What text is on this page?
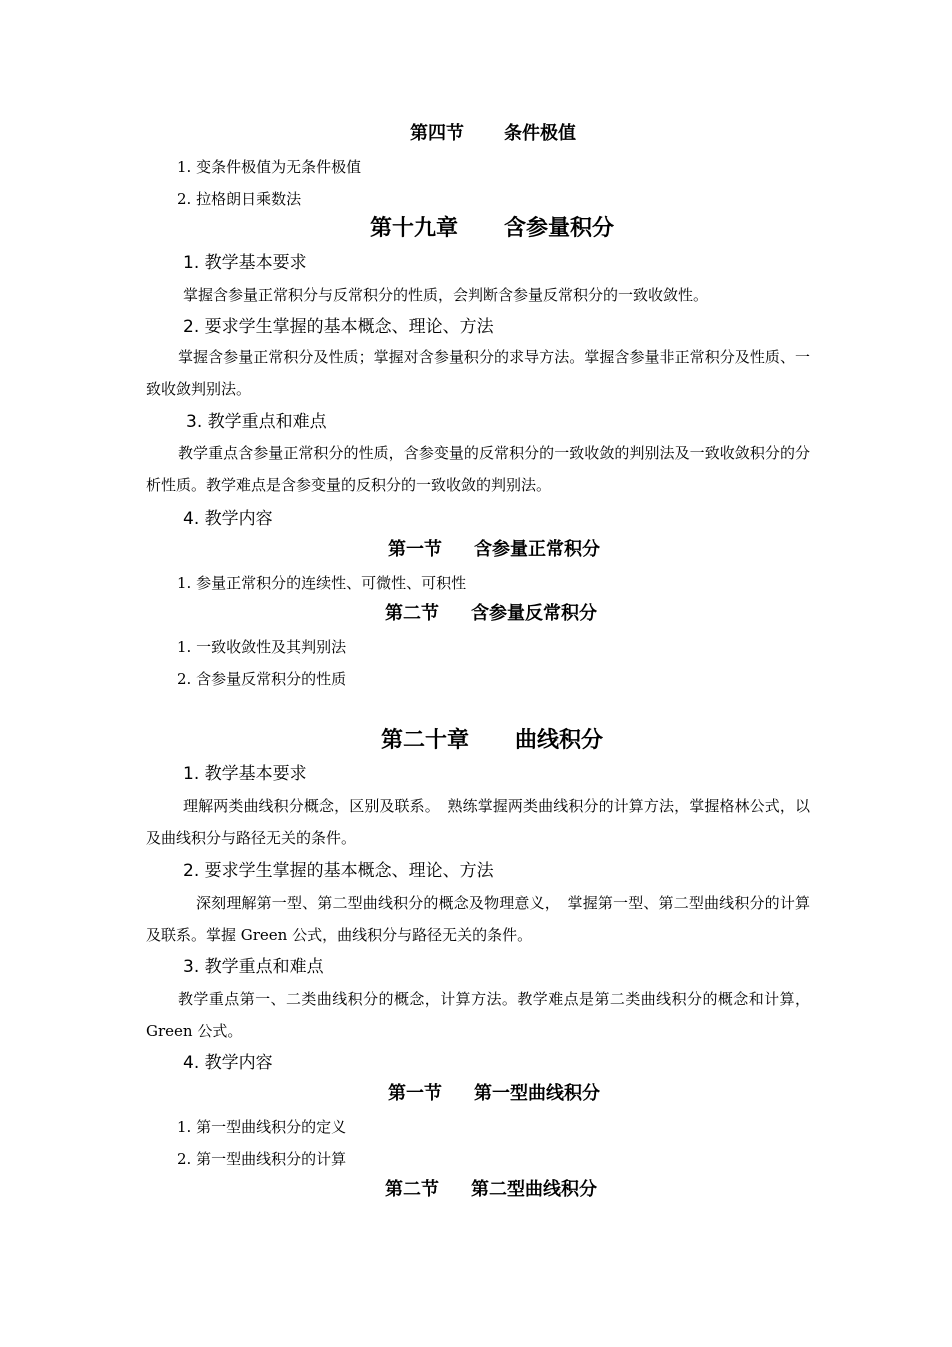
第四节 条件极值
1. 变条件极值为无条件极值
2. 拉格朗日乘数法
第十九章 含参量积分
1. 教学基本要求
掌握含参量正常积分与反常积分的性质，会判断含参量反常积分的一致收敛性。
2. 要求学生掌握的基本概念、理论、方法
掌握含参量正常积分及性质；掌握对含参量积分的求导方法。掌握含参量非正常积分及性质、一致收敛判别法。
3. 教学重点和难点
教学重点含参量正常积分的性质，含参变量的反常积分的一致收敛的判别法及一致收敛积分的分析性质。教学难点是含参变量的反积分的一致收敛的判别法。
4. 教学内容
第一节 含参量正常积分
1. 参量正常积分的连续性、可微性、可积性
第二节 含参量反常积分
1. 一致收敛性及其判别法
2. 含参量反常积分的性质
第二十章 曲线积分
1. 教学基本要求
理解两类曲线积分概念，区别及联系。　熟练掌握两类曲线积分的计算方法，掌握格林公式，以及曲线积分与路径无关的条件。
2. 要求学生掌握的基本概念、理论、方法
深刻理解第一型、第二型曲线积分的概念及物理意义，　掌握第一型、第二型曲线积分的计算及联系。掌握 Green 公式，曲线积分与路径无关的条件。
3. 教学重点和难点
教学重点第一、二类曲线积分的概念，计算方法。教学难点是第二类曲线积分的概念和计算，Green 公式。
4. 教学内容
第一节 第一型曲线积分
1. 第一型曲线积分的定义
2. 第一型曲线积分的计算
第二节 第二型曲线积分
